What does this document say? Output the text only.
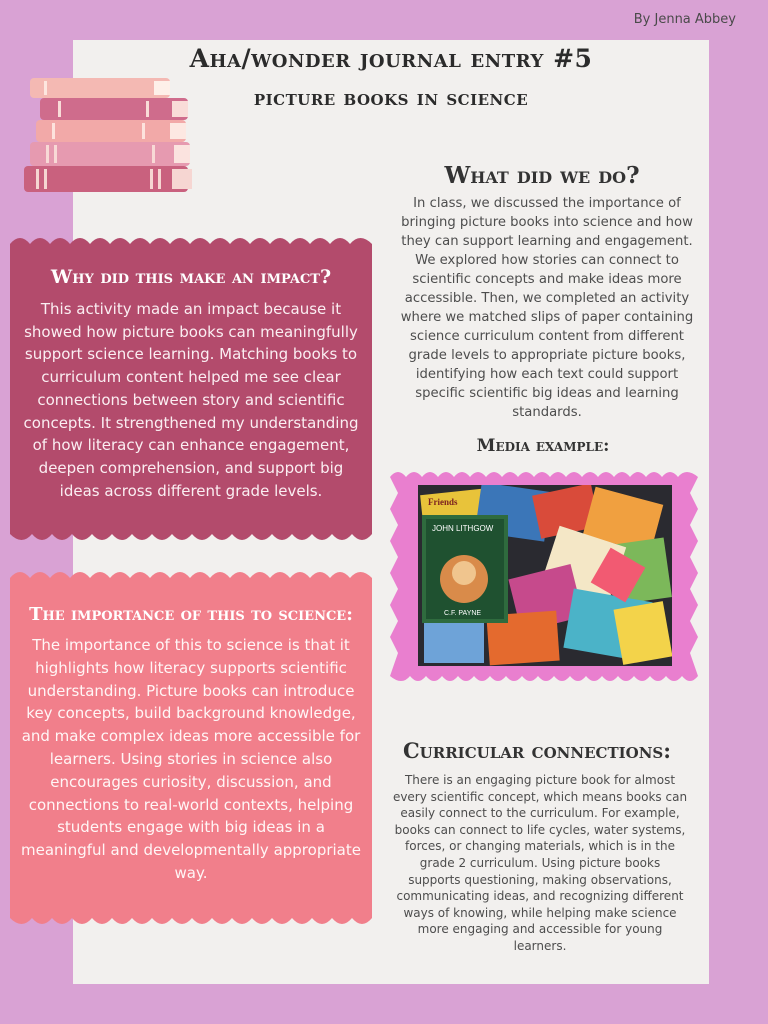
By Jenna Abbey
Aha/wonder journal entry #5
picture books in science
What did we do?
In class, we discussed the importance of bringing picture books into science and how they can support learning and engagement. We explored how stories can connect to scientific concepts and make ideas more accessible. Then, we completed an activity where we matched slips of paper containing science curriculum content from different grade levels to appropriate picture books, identifying how each text could support specific scientific big ideas and learning standards.
Why did this make an impact?
This activity made an impact because it showed how picture books can meaningfully support science learning. Matching books to curriculum content helped me see clear connections between story and scientific concepts. It strengthened my understanding of how literacy can enhance engagement, deepen comprehension, and support big ideas across different grade levels.
Media example:
JOHN LITHGOW
C.F. PAYNE
Friends
The importance of this to science:
The importance of this to science is that it highlights how literacy supports scientific understanding. Picture books can introduce key concepts, build background knowledge, and make complex ideas more accessible for learners. Using stories in science also encourages curiosity, discussion, and connections to real-world contexts, helping students engage with big ideas in a meaningful and developmentally appropriate way.
Curricular connections:
There is an engaging picture book for almost every scientific concept, which means books can easily connect to the curriculum. For example, books can connect to life cycles, water systems, forces, or changing materials, which is in the grade 2 curriculum. Using picture books supports questioning, making observations, communicating ideas, and recognizing different ways of knowing, while helping make science more engaging and accessible for young learners.
